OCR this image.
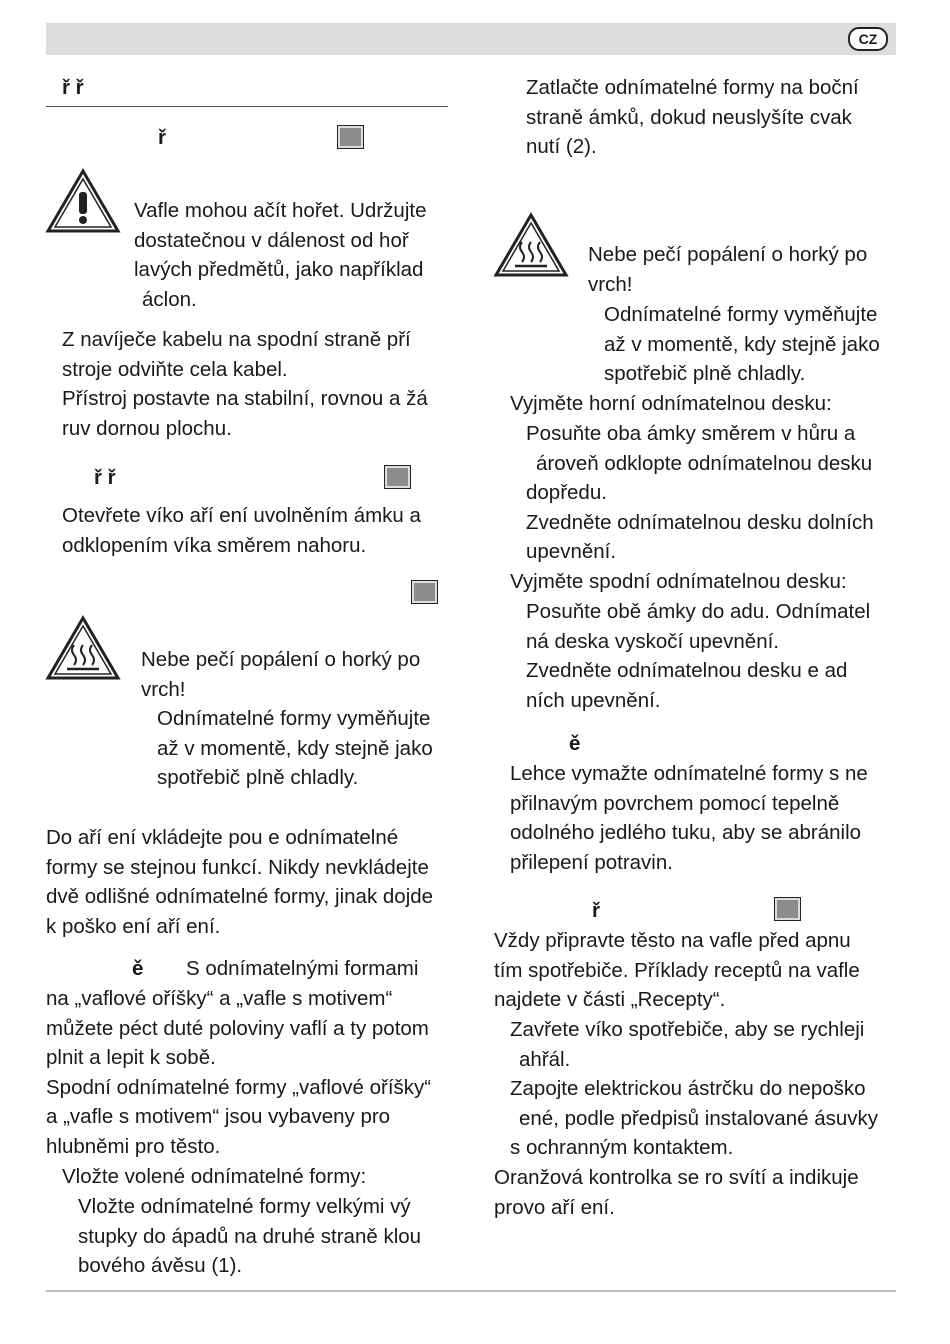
CZ
ř ř
ř

Vafle mohou ačít hořet. Udržujte

dostatečnou v dálenost od hoř

lavých předmětů, jako například

áclon.

Z navíječe kabelu na spodní straně pří

stroje odviňte cela kabel.

Přístroj postavte na stabilní, rovnou a žá

ruv dornou plochu.

ř ř

Otevřete víko aří ení uvolněním ámku a

odklopením víka směrem nahoru.

Nebe pečí popálení o horký po

vrch!

Odnímatelné formy vyměňujte

až v momentě, kdy stejně jako

spotřebič plně chladly.

Do aří ení vkládejte pou e odnímatelné

formy se stejnou funkcí. Nikdy nevkládejte

dvě odlišné odnímatelné formy, jinak dojde

k poško ení aří ení.

ě S odnímatelnými formami

na „vaflové oříšky“ a „vafle s motivem“

můžete péct duté poloviny vaflí a ty potom

plnit a lepit k sobě.

Spodní odnímatelné formy „vaflové oříšky“

a „vafle s motivem“ jsou vybaveny pro

hlubněmi pro těsto.

Vložte volené odnímatelné formy:

Vložte odnímatelné formy velkými vý

stupky do ápadů na druhé straně klou

bového ávěsu (1).

Zatlačte odnímatelné formy na boční

straně ámků, dokud neuslyšíte cvak

nutí (2).

Nebe pečí popálení o horký po

vrch!

Odnímatelné formy vyměňujte

až v momentě, kdy stejně jako

spotřebič plně chladly.

Vyjměte horní odnímatelnou desku:

Posuňte oba ámky směrem v hůru a

ároveň odklopte odnímatelnou desku

dopředu.

Zvedněte odnímatelnou desku dolních

upevnění.

Vyjměte spodní odnímatelnou desku:

Posuňte obě ámky do adu. Odnímatel

ná deska vyskočí upevnění.

Zvedněte odnímatelnou desku e ad

ních upevnění.

ě

Lehce vymažte odnímatelné formy s ne

přilnavým povrchem pomocí tepelně

odolného jedlého tuku, aby se abránilo

přilepení potravin.

ř

Vždy připravte těsto na vafle před apnu

tím spotřebiče. Příklady receptů na vafle

najdete v části „Recepty“.

Zavřete víko spotřebiče, aby se rychleji

ahřál.

Zapojte elektrickou ástrčku do nepoško

ené, podle předpisů instalované ásuvky

s ochranným kontaktem.

Oranžová kontrolka se ro svítí a indikuje

provo aří ení.
